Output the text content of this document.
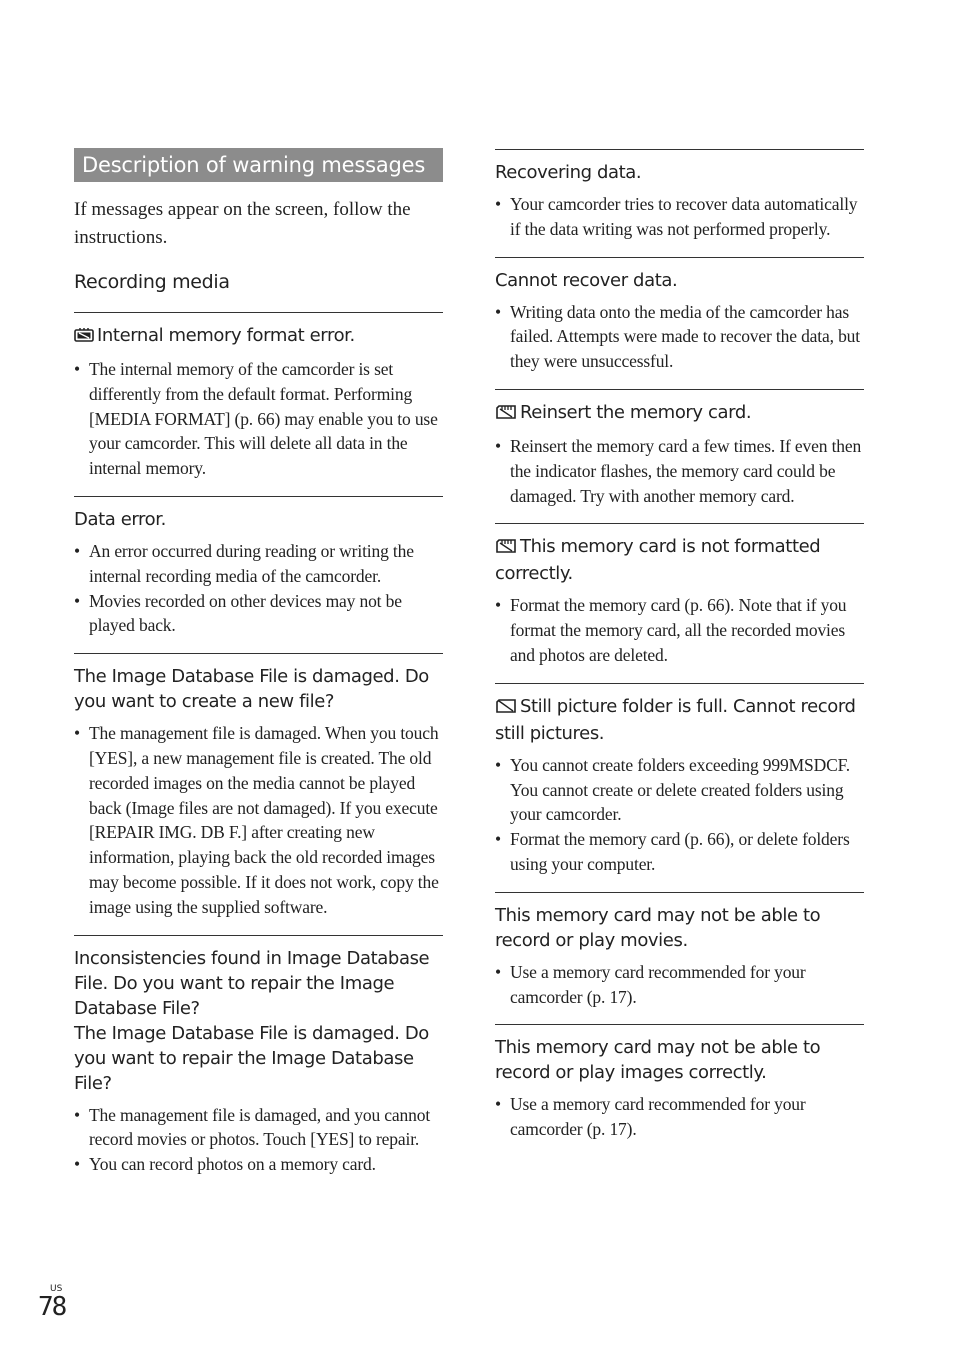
Description of warning messages

If messages appear on the screen, follow the instructions.

Recording media
Internal memory format error.
• The internal memory of the camcorder is set differently from the default format. Performing [MEDIA FORMAT] (p. 66) may enable you to use your camcorder. This will delete all data in the internal memory.
Data error.
• An error occurred during reading or writing the internal recording media of the camcorder.
• Movies recorded on other devices may not be played back.
The Image Database File is damaged. Do you want to create a new file?
• The management file is damaged. When you touch [YES], a new management file is created. The old recorded images on the media cannot be played back (Image files are not damaged). If you execute [REPAIR IMG. DB F.] after creating new information, playing back the old recorded images may become possible. If it does not work, copy the image using the supplied software.
Inconsistencies found in Image Database File. Do you want to repair the Image Database File?
The Image Database File is damaged. Do you want to repair the Image Database File?
• The management file is damaged, and you cannot record movies or photos. Touch [YES] to repair.
• You can record photos on a memory card.
Recovering data.
• Your camcorder tries to recover data automatically if the data writing was not performed properly.
Cannot recover data.
• Writing data onto the media of the camcorder has failed. Attempts were made to recover the data, but they were unsuccessful.
Reinsert the memory card.
• Reinsert the memory card a few times. If even then the indicator flashes, the memory card could be damaged. Try with another memory card.
This memory card is not formatted correctly.
• Format the memory card (p. 66). Note that if you format the memory card, all the recorded movies and photos are deleted.
Still picture folder is full. Cannot record still pictures.
• You cannot create folders exceeding 999MSDCF. You cannot create or delete created folders using your camcorder.
• Format the memory card (p. 66), or delete folders using your computer.
This memory card may not be able to record or play movies.
• Use a memory card recommended for your camcorder (p. 17).
This memory card may not be able to record or play images correctly.
• Use a memory card recommended for your camcorder (p. 17).
US
78
